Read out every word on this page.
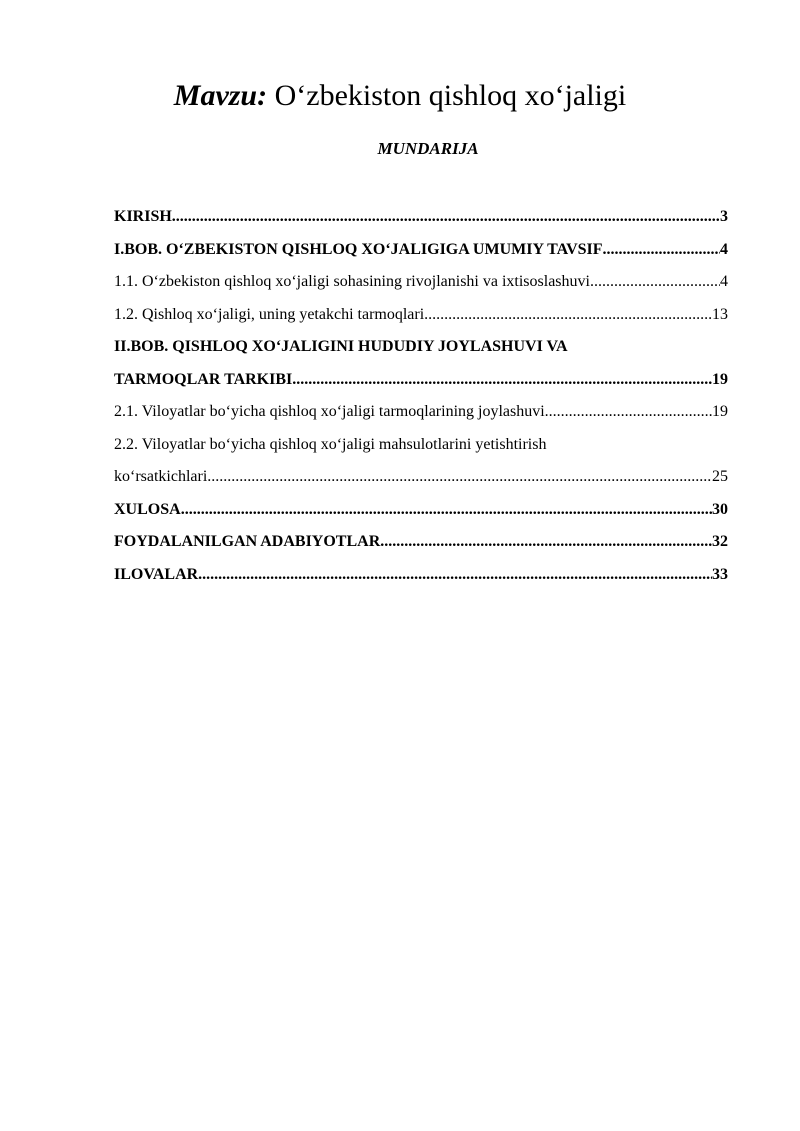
Mavzu: O‘zbekiston qishloq xo‘jaligi
MUNDARIJA
KIRISH .....	3
I.BOB. O‘ZBEKISTON QISHLOQ XO‘JALIGIGA UMUMIY TAVSIF .....	4
1.1. O‘zbekiston qishloq xo‘jaligi sohasining rivojlanishi va ixtisoslashuvi .....	4
1.2. Qishloq xo‘jaligi, uning yetakchi tarmoqlari .....	13
II.BOB. QISHLOQ XO‘JALIGINI HUDUDIY JOYLASHUVI VA
TARMOQLAR TARKIBI .....	19
2.1. Viloyatlar bo‘yicha qishloq xo‘jaligi tarmoqlarining joylashuvi .....	19
2.2. Viloyatlar bo‘yicha qishloq xo‘jaligi mahsulotlarini yetishtirish
ko‘rsatkichlari .....	25
XULOSA .....	30
FOYDALANILGAN ADABIYOTLAR .....	32
ILOVALAR .....	33
